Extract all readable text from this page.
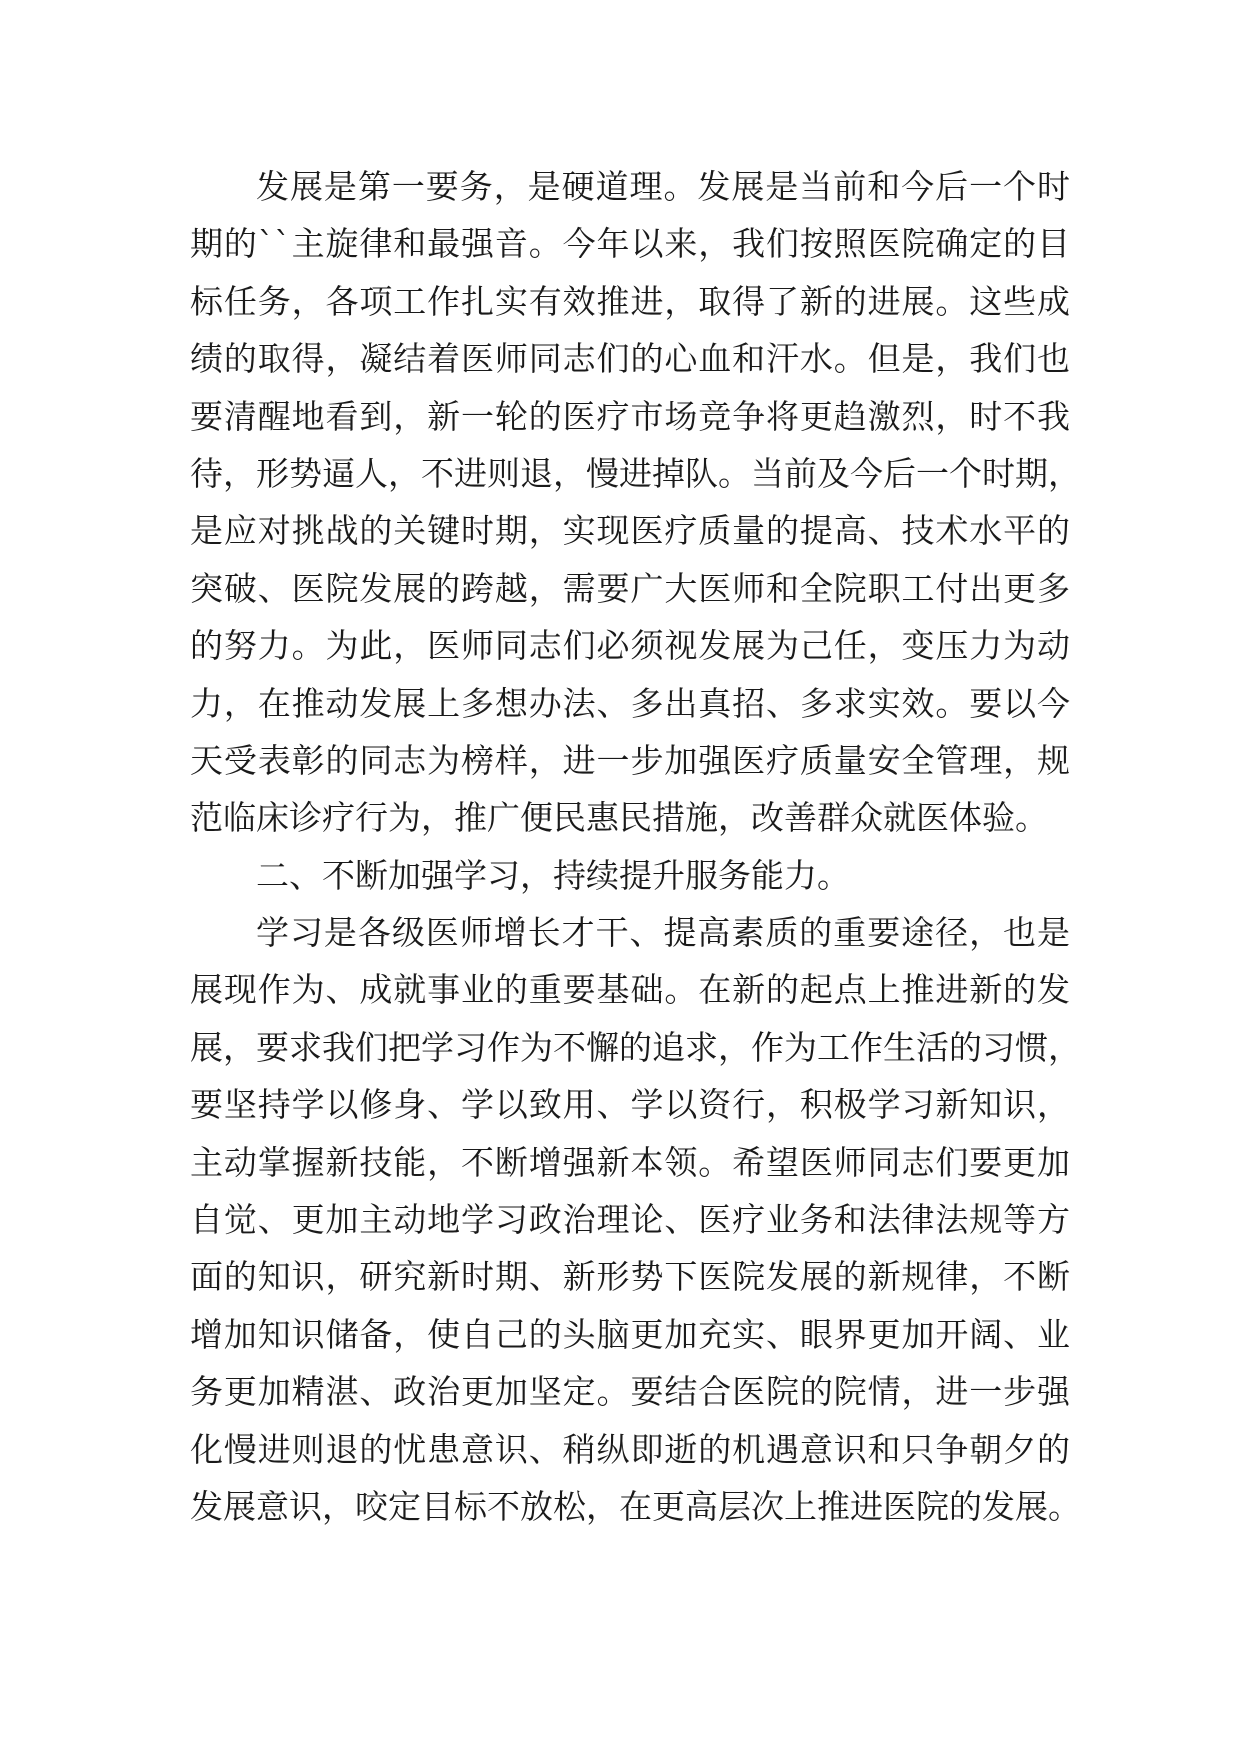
发展是第一要务，是硬道理。发展是当前和今后一个时
期的``主旋律和最强音。今年以来，我们按照医院确定的目
标任务，各项工作扎实有效推进，取得了新的进展。这些成
绩的取得，凝结着医师同志们的心血和汗水。但是，我们也
要清醒地看到，新一轮的医疗市场竞争将更趋激烈，时不我
待，形势逼人，不进则退，慢进掉队。当前及今后一个时期，
是应对挑战的关键时期，实现医疗质量的提高、技术水平的
突破、医院发展的跨越，需要广大医师和全院职工付出更多
的努力。为此，医师同志们必须视发展为己任，变压力为动
力，在推动发展上多想办法、多出真招、多求实效。要以今
天受表彰的同志为榜样，进一步加强医疗质量安全管理，规
范临床诊疗行为，推广便民惠民措施，改善群众就医体验。
二、不断加强学习，持续提升服务能力。
学习是各级医师增长才干、提高素质的重要途径，也是
展现作为、成就事业的重要基础。在新的起点上推进新的发
展，要求我们把学习作为不懈的追求，作为工作生活的习惯，
要坚持学以修身、学以致用、学以资行，积极学习新知识，
主动掌握新技能，不断增强新本领。希望医师同志们要更加
自觉、更加主动地学习政治理论、医疗业务和法律法规等方
面的知识，研究新时期、新形势下医院发展的新规律，不断
增加知识储备，使自己的头脑更加充实、眼界更加开阔、业
务更加精湛、政治更加坚定。要结合医院的院情，进一步强
化慢进则退的忧患意识、稍纵即逝的机遇意识和只争朝夕的
发展意识，咬定目标不放松，在更高层次上推进医院的发展。
